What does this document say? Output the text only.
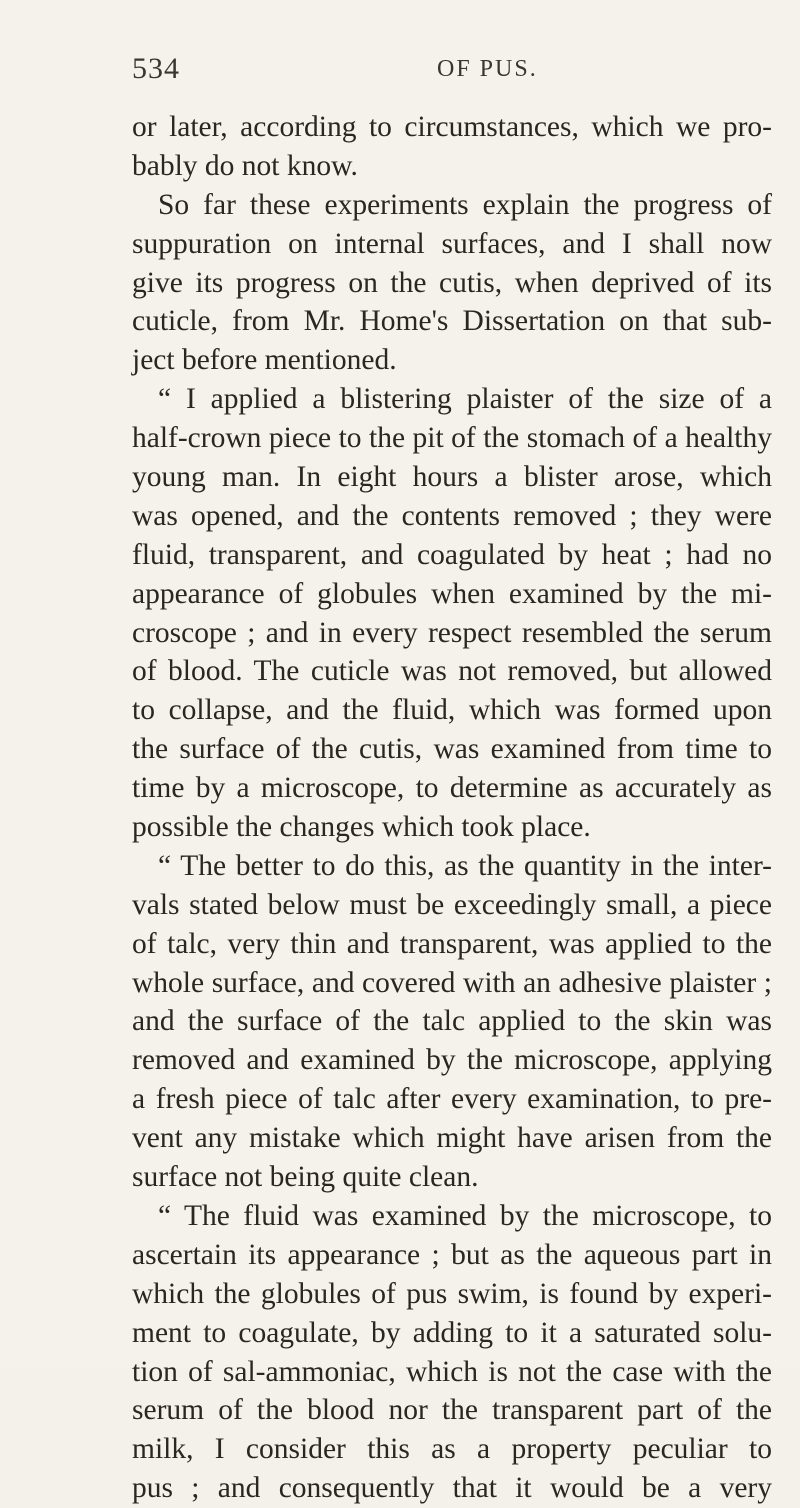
534	OF PUS.
or later, according to circumstances, which we pro-
bably do not know.
So far these experiments explain the progress of
suppuration on internal surfaces, and I shall now
give its progress on the cutis, when deprived of its
cuticle, from Mr. Home's Dissertation on that sub-
ject before mentioned.
“ I applied a blistering plaister of the size of a
half-crown piece to the pit of the stomach of a healthy
young man. In eight hours a blister arose, which
was opened, and the contents removed ; they were
fluid, transparent, and coagulated by heat ; had no
appearance of globules when examined by the mi-
croscope ; and in every respect resembled the serum
of blood. The cuticle was not removed, but allowed
to collapse, and the fluid, which was formed upon
the surface of the cutis, was examined from time to
time by a microscope, to determine as accurately as
possible the changes which took place.
“ The better to do this, as the quantity in the inter-
vals stated below must be exceedingly small, a piece
of talc, very thin and transparent, was applied to the
whole surface, and covered with an adhesive plaister ;
and the surface of the talc applied to the skin was
removed and examined by the microscope, applying
a fresh piece of talc after every examination, to pre-
vent any mistake which might have arisen from the
surface not being quite clean.
“ The fluid was examined by the microscope, to
ascertain its appearance ; but as the aqueous part in
which the globules of pus swim, is found by experi-
ment to coagulate, by adding to it a saturated solu-
tion of sal-ammoniac, which is not the case with the
serum of the blood nor the transparent part of the
milk, I consider this as a property peculiar to
pus ; and consequently that it would be a very
